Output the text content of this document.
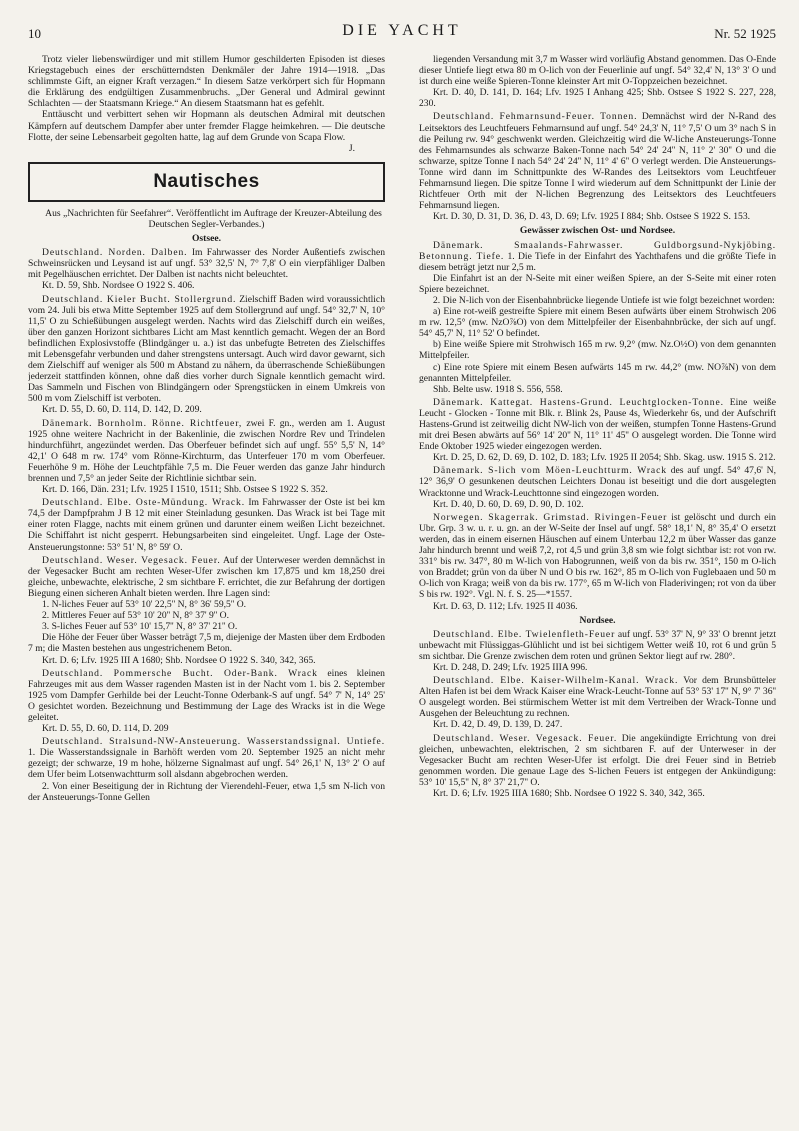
10	DIE YACHT	Nr. 52 1925

Trotz vieler liebenswürdiger und mit stillem Humor geschilderten Episoden ist dieses Kriegstagebuch eines der erschütterndsten Denkmäler der Jahre 1914—1918. „Das schlimmste Gift, an eigner Kraft verzagen.“ In diesem Satze verkörpert sich für Hopmann die Erklärung des endgültigen Zusammenbruchs. „Der General und Admiral gewinnt Schlachten — der Staatsmann Kriege.“ An diesem Staatsmann hat es gefehlt.

Enttäuscht und verbittert sehen wir Hopmann als deutschen Admiral mit deutschen Kämpfern auf deutschem Dampfer aber unter fremder Flagge heimkehren. — Die deutsche Flotte, der seine Lebensarbeit gegolten hatte, lag auf dem Grunde von Scapa Flow.

J.
Nautisches

Aus „Nachrichten für Seefahrer“. Veröffentlicht im Auftrage der Kreuzer-Abteilung des Deutschen Segler-Verbandes.)

Ostsee.

Deutschland. Norden. Dalben. Im Fahrwasser des Norder Außentiefs zwischen Schweinsrücken und Leysand ist auf ungf. 53° 32,5' N, 7° 7,8' O ein vierpfähliger Dalben mit Pegelhäuschen errichtet. Der Dalben ist nachts nicht beleuchtet.

Kt. D. 59, Shb. Nordsee O 1922 S. 406.

Deutschland. Kieler Bucht. Stollergrund. Zielschiff Baden wird voraussichtlich vom 24. Juli bis etwa Mitte September 1925 auf dem Stollergrund auf ungf. 54° 32,7' N, 10° 11,5' O zu Schießübungen ausgelegt werden. Nachts wird das Zielschiff durch ein weißes, über den ganzen Horizont sichtbares Licht am Mast kenntlich gemacht. Wegen der an Bord befindlichen Explosivstoffe (Blindgänger u. a.) ist das unbefugte Betreten des Zielschiffes mit Lebensgefahr verbunden und daher strengstens untersagt. Auch wird davor gewarnt, sich dem Zielschiff auf weniger als 500 m Abstand zu nähern, da überraschende Schießübungen jederzeit stattfinden können, ohne daß dies vorher durch Signale kenntlich gemacht wird. Das Sammeln und Fischen von Blindgängern oder Sprengstücken in einem Umkreis von 500 m vom Zielschiff ist verboten.

Krt. D. 55, D. 60, D. 114, D. 142, D. 209.

Dänemark. Bornholm. Rönne. Richtfeuer, zwei F. gn., werden am 1. August 1925 ohne weitere Nachricht in der Bakenlinie, die zwischen Nordre Rev und Trindelen hindurchführt, angezündet werden. Das Oberfeuer befindet sich auf ungf. 55° 5,5' N, 14° 42,1' O 648 m rw. 174° vom Rönne-Kirchturm, das Unterfeuer 170 m vom Oberfeuer. Feuerhöhe 9 m. Höhe der Leuchtpfähle 7,5 m. Die Feuer werden das ganze Jahr hindurch brennen und 7,5° an jeder Seite der Richtlinie sichtbar sein.

Krt. D. 166, Dän. 231; Lfv. 1925 I 1510, 1511; Shb. Ostsee S 1922 S. 352.

Deutschland. Elbe. Oste-Mündung. Wrack. Im Fahrwasser der Oste ist bei km 74,5 der Dampfprahm J B 12 mit einer Steinladung gesunken. Das Wrack ist bei Tage mit einer roten Flagge, nachts mit einem grünen und darunter einem weißen Licht bezeichnet. Die Schiffahrt ist nicht gesperrt. Hebungsarbeiten sind eingeleitet. Ungf. Lage der Oste-Ansteuerungstonne: 53° 51' N, 8° 59' O.

Deutschland. Weser. Vegesack. Feuer. Auf der Unterweser werden demnächst in der Vegesacker Bucht am rechten Weser-Ufer zwischen km 17,875 und km 18,250 drei gleiche, unbewachte, elektrische, 2 sm sichtbare F. errichtet, die zur Befahrung der dortigen Biegung einen sicheren Anhalt bieten werden. Ihre Lagen sind:

1. N-liches Feuer auf 53° 10' 22,5'' N, 8° 36' 59,5'' O.
2. Mittleres Feuer auf 53° 10' 20'' N, 8° 37' 9'' O.
3. S-liches Feuer auf 53° 10' 15,7'' N, 8° 37' 21'' O.

Die Höhe der Feuer über Wasser beträgt 7,5 m, diejenige der Masten über dem Erdboden 7 m; die Masten bestehen aus ungestrichenem Beton.

Krt. D. 6; Lfv. 1925 III A 1680; Shb. Nordsee O 1922 S. 340, 342, 365.

Deutschland. Pommersche Bucht. Oder-Bank. Wrack eines kleinen Fahrzeuges mit aus dem Wasser ragenden Masten ist in der Nacht vom 1. bis 2. September 1925 vom Dampfer Gerhilde bei der Leucht-Tonne Oderbank-S auf ungf. 54° 7' N, 14° 25' O gesichtet worden. Bezeichnung und Bestimmung der Lage des Wracks ist in die Wege geleitet.

Krt. D. 55, D. 60, D. 114, D. 209

Deutschland. Stralsund-NW-Ansteuerung. Wasserstandssignal. Untiefe. 1. Die Wasserstandssignale in Barhöft werden vom 20. September 1925 an nicht mehr gezeigt; der schwarze, 19 m hohe, hölzerne Signalmast auf ungf. 54° 26,1' N, 13° 2' O auf dem Ufer beim Lotsenwachtturm soll alsdann abgebrochen werden.

2. Von einer Beseitigung der in Richtung der Vierendehl-Feuer, etwa 1,5 sm N-lich von der Ansteuerungs-Tonne Gellen

liegenden Versandung mit 3,7 m Wasser wird vorläufig Abstand genommen. Das O-Ende dieser Untiefe liegt etwa 80 m O-lich von der Feuerlinie auf ungf. 54° 32,4' N, 13° 3' O und ist durch eine weiße Spieren-Tonne kleinster Art mit O-Toppzeichen bezeichnet.

Krt. D. 40, D. 141, D. 164; Lfv. 1925 I Anhang 425; Shb. Ostsee S 1922 S. 227, 228, 230.

Deutschland. Fehmarnsund-Feuer. Tonnen. Demnächst wird der N-Rand des Leitsektors des Leuchtfeuers Fehmarnsund auf ungf. 54° 24,3' N, 11° 7,5' O um 3° nach S in die Peilung rw. 94° geschwenkt werden. Gleichzeitig wird die W-liche Ansteuerungs-Tonne des Fehmarnsundes als schwarze Baken-Tonne nach 54° 24' 24'' N, 11° 2' 30'' O und die schwarze, spitze Tonne I nach 54° 24' 24'' N, 11° 4' 6'' O verlegt werden. Die Ansteuerungs-Tonne wird dann im Schnittpunkte des W-Randes des Leitsektors vom Leuchtfeuer Fehmarnsund liegen. Die spitze Tonne I wird wiederum auf dem Schnittpunkt der Linie der Richtfeuer Orth mit der N-lichen Begrenzung des Leitsektors des Leuchtfeuers Fehmarnsund liegen.

Krt. D. 30, D. 31, D. 36, D. 43, D. 69; Lfv. 1925 I 884; Shb. Ostsee S 1922 S. 153.

Gewässer zwischen Ost- und Nordsee.

Dänemark. Smaalands-Fahrwasser. Guldborgsund-Nykjöbing. Betonnung. Tiefe. 1. Die Tiefe in der Einfahrt des Yachthafens und die größte Tiefe in diesem beträgt jetzt nur 2,5 m.

Die Einfahrt ist an der N-Seite mit einer weißen Spiere, an der S-Seite mit einer roten Spiere bezeichnet.

2. Die N-lich von der Eisenbahnbrücke liegende Untiefe ist wie folgt bezeichnet worden:

a) Eine rot-weiß gestreifte Spiere mit einem Besen aufwärts über einem Strohwisch 206 m rw. 12,5° (mw. NzO⅞O) von dem Mittelpfeiler der Eisenbahnbrücke, der sich auf ungf. 54° 45,7' N, 11° 52' O befindet.

b) Eine weiße Spiere mit Strohwisch 165 m rw. 9,2° (mw. Nz.O½O) von dem genannten Mittelpfeiler.

c) Eine rote Spiere mit einem Besen aufwärts 145 m rw. 44,2° (mw. NO⅞N) von dem genannten Mittelpfeiler.

Shb. Belte usw. 1918 S. 556, 558.

Dänemark. Kattegat. Hastens-Grund. Leuchtglocken-Tonne. Eine weiße Leucht - Glocken - Tonne mit Blk. r. Blink 2s, Pause 4s, Wiederkehr 6s, und der Aufschrift Hastens-Grund ist zeitweilig dicht NW-lich von der weißen, stumpfen Tonne Hastens-Grund mit drei Besen abwärts auf 56° 14' 20'' N, 11° 11' 45'' O ausgelegt worden. Die Tonne wird Ende Oktober 1925 wieder eingezogen werden.

Krt. D. 25, D. 62, D. 69, D. 102, D. 183; Lfv. 1925 II 2054; Shb. Skag. usw. 1915 S. 212.

Dänemark. S-lich vom Möen-Leuchtturm. Wrack des auf ungf. 54° 47,6' N, 12° 36,9' O gesunkenen deutschen Leichters Donau ist beseitigt und die dort ausgelegten Wracktonne und Wrack-Leuchttonne sind eingezogen worden.

Krt. D. 40, D. 60, D. 69, D. 90, D. 102.

Norwegen. Skagerrak. Grimstad. Rivingen-Feuer ist gelöscht und durch ein Ubr. Grp. 3 w. u. r. u. gn. an der W-Seite der Insel auf ungf. 58° 18,1' N, 8° 35,4' O ersetzt werden, das in einem eisernen Häuschen auf einem Unterbau 12,2 m über Wasser das ganze Jahr hindurch brennt und weiß 7,2, rot 4,5 und grün 3,8 sm wie folgt sichtbar ist: rot von rw. 331° bis rw. 347°, 80 m W-lich von Habogrunnen, weiß von da bis rw. 351°, 150 m O-lich von Braddet; grün von da über N und O bis rw. 162°, 85 m O-lich von Fuglebaaen und 50 m O-lich von Kraga; weiß von da bis rw. 177°, 65 m W-lich von Fladerivingen; rot von da über S bis rw. 192°. Vgl. N. f. S. 25—*1557.

Krt. D. 63, D. 112; Lfv. 1925 II 4036.

Nordsee.

Deutschland. Elbe. Twielenfleth-Feuer auf ungf. 53° 37' N, 9° 33' O brennt jetzt unbewacht mit Flüssiggas-Glühlicht und ist bei sichtigem Wetter weiß 10, rot 6 und grün 5 sm sichtbar. Die Grenze zwischen dem roten und grünen Sektor liegt auf rw. 280°.

Krt. D. 248, D. 249; Lfv. 1925 IIIA 996.

Deutschland. Elbe. Kaiser-Wilhelm-Kanal. Wrack. Vor dem Brunsbütteler Alten Hafen ist bei dem Wrack Kaiser eine Wrack-Leucht-Tonne auf 53° 53' 17'' N, 9° 7' 36'' O ausgelegt worden. Bei stürmischem Wetter ist mit dem Vertreiben der Wrack-Tonne und Ausgehen der Beleuchtung zu rechnen.

Krt. D. 42, D. 49, D. 139, D. 247.

Deutschland. Weser. Vegesack. Feuer. Die angekündigte Errichtung von drei gleichen, unbewachten, elektrischen, 2 sm sichtbaren F. auf der Unterweser in der Vegesacker Bucht am rechten Weser-Ufer ist erfolgt. Die drei Feuer sind in Betrieb genommen worden. Die genaue Lage des S-lichen Feuers ist entgegen der Ankündigung: 53° 10' 15,5'' N, 8° 37' 21,7'' O.

Krt. D. 6; Lfv. 1925 IIIA 1680; Shb. Nordsee O 1922 S. 340, 342, 365.
